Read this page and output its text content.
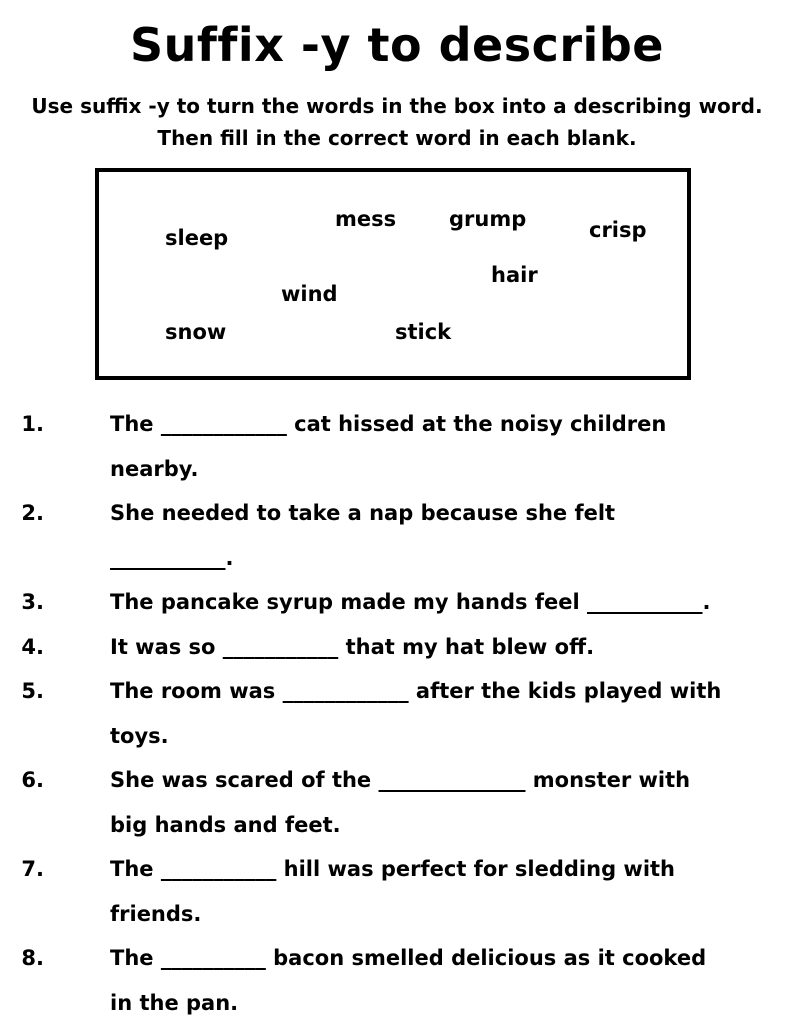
Suffix -y to describe
Use suffix -y to turn the words in the box into a describing word. Then fill in the correct word in each blank.
sleep
mess	grump	crisp
hair
wind
snow	stick
1.	The ____________ cat hissed at the noisy children nearby.
2.	She needed to take a nap because she felt ___________.
3.	The pancake syrup made my hands feel ___________.
4.	It was so ___________ that my hat blew off.
5.	The room was ____________ after the kids played with toys.
6.	She was scared of the ______________ monster with big hands and feet.
7.	The ___________ hill was perfect for sledding with friends.
8.	The __________ bacon smelled delicious as it cooked in the pan.
